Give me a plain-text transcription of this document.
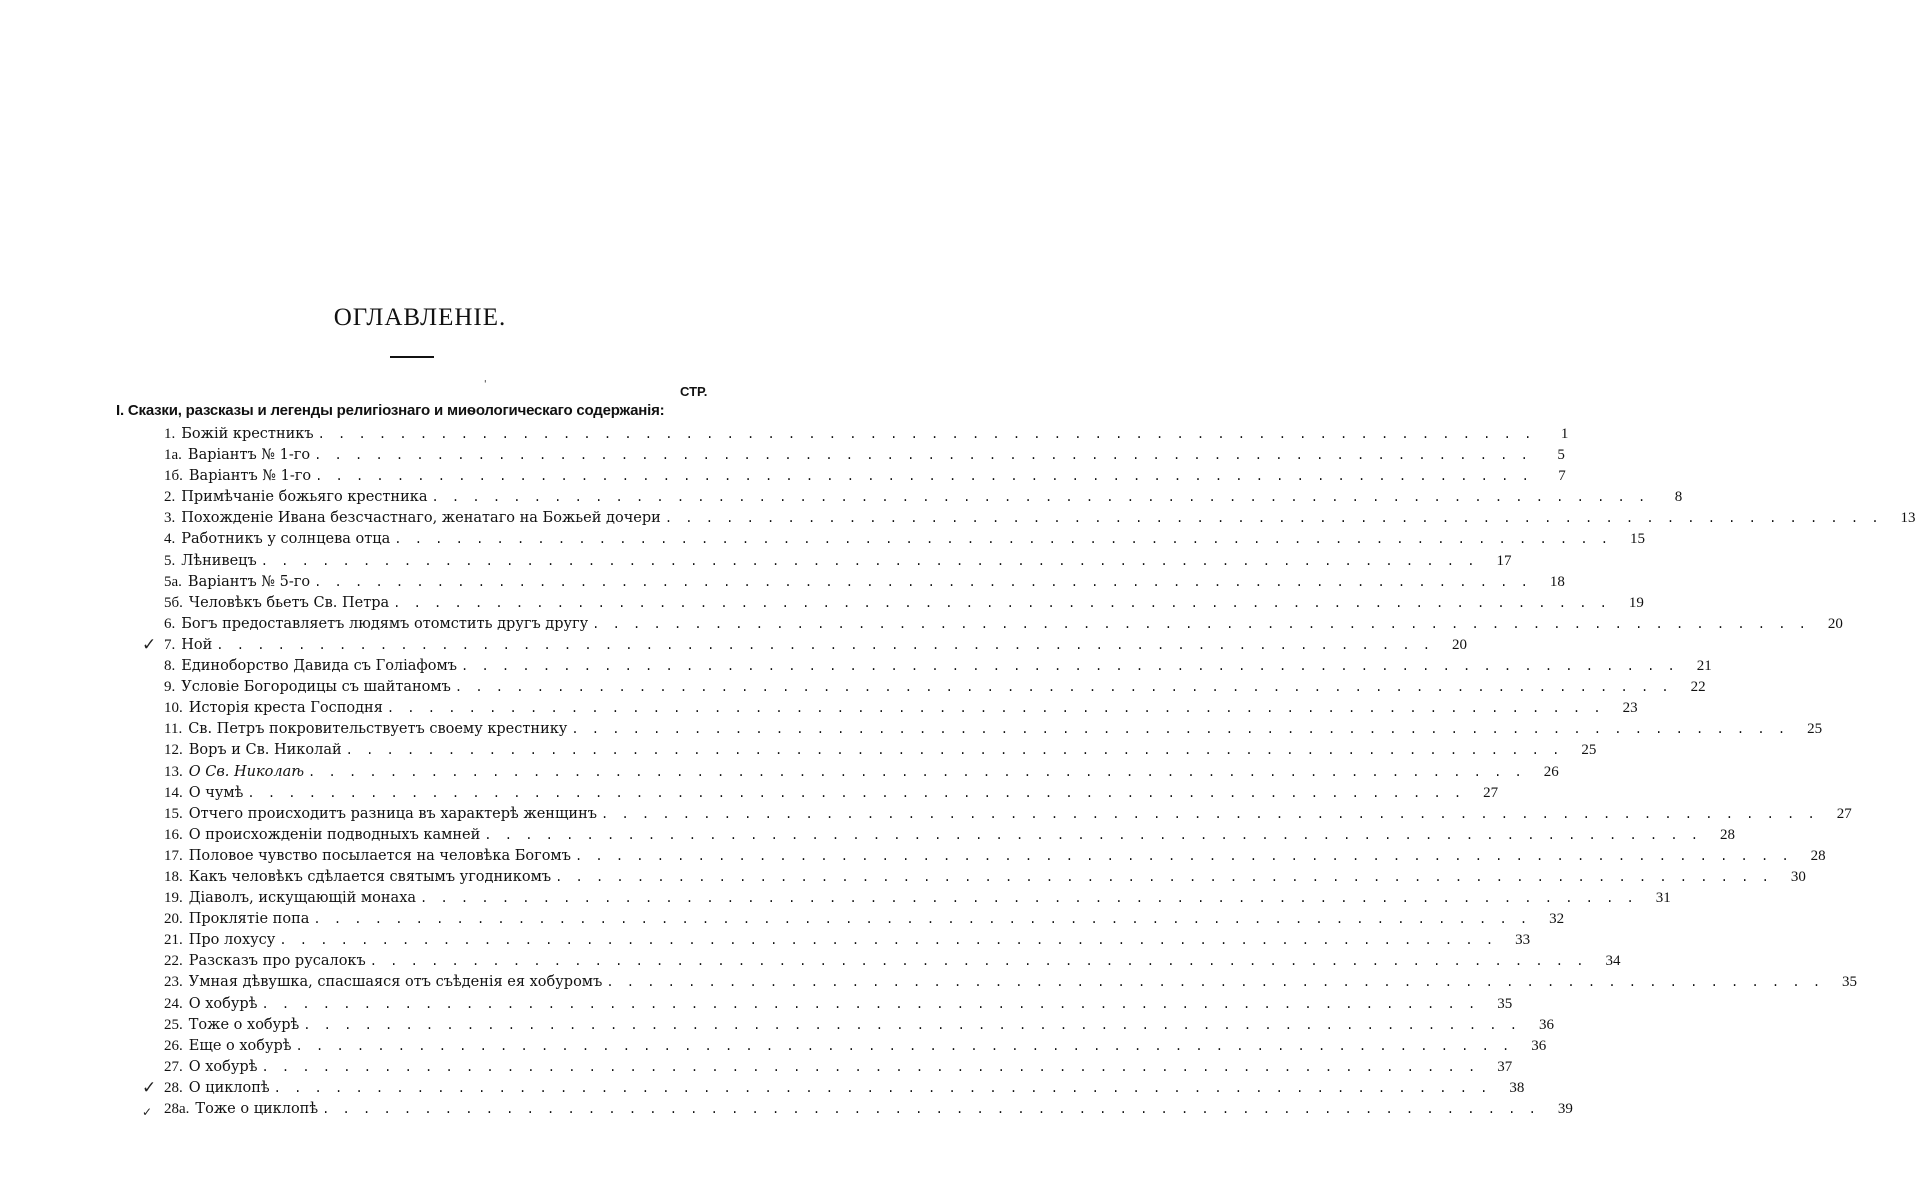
ОГЛАВЛЕНІЕ.
'	СТР.
I. Сказки, разсказы и легенды религіознаго и миѳологическаго содержанія:
1. Божій крестникъ . . .	1
1а. Варіантъ № 1-го . . .	5
1б. Варіантъ № 1-го . . .	7
2. Примѣчаніе божьяго крестника . . .	8
3. Похожденіе Ивана безсчастнаго, женатаго на Божьей дочери . . .	13
4. Работникъ у солнцева отца . . .	15
5. Лѣнивецъ . . .	17
5а. Варіантъ № 5-го . . .	18
5б. Человѣкъ бьетъ Св. Петра . . .	19
6. Богъ предоставляетъ людямъ отомстить другъ другу . . .	20
✓ 7. Ной . . .	20
8. Единоборство Давида съ Голіафомъ . . .	21
9. Условіе Богородицы съ шайтаномъ . . .	22
10. Исторія креста Господня . . .	23
11. Св. Петръ покровительствуетъ своему крестнику . . .	25
12. Воръ и Св. Николай . . .	25
13. О Св. Николаѣ . . .	26
14. О чумѣ . . .	27
15. Отчего происходитъ разница въ характерѣ женщинъ . . .	27
16. О происхожденіи подводныхъ камней . . .	28
17. Половое чувство посылается на человѣка Богомъ . . .	28
18. Какъ человѣкъ сдѣлается святымъ угодникомъ . . .	30
19. Діаволъ, искущающій монаха . . .	31
20. Проклятіе попа . . .	32
21. Про лохусу . . .	33
22. Разсказъ про русалокъ . . .	34
23. Умная дѣвушка, спасшаяся отъ съѣденія ея хобуромъ . . .	35
24. О хобурѣ . . .	35
25. Тоже о хобурѣ . . .	36
26. Еще о хобурѣ . . .	36
27. О хобурѣ . . .	37
✓ 28. О циклопѣ . . .	38
✓ 28а. Тоже о циклопѣ . . .	39
